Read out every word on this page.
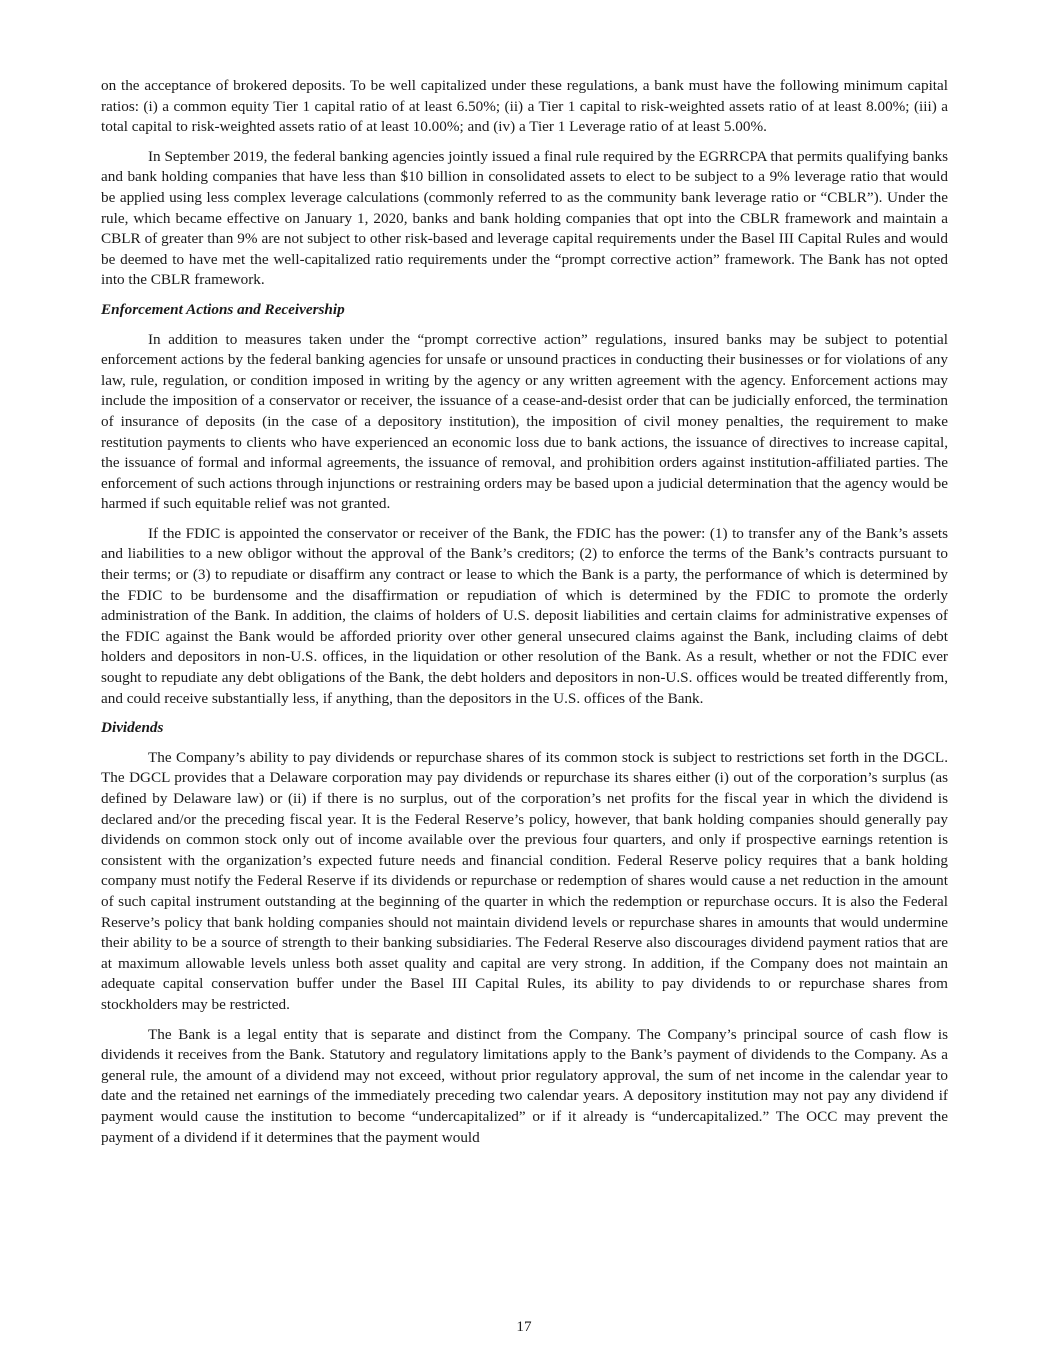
on the acceptance of brokered deposits. To be well capitalized under these regulations, a bank must have the following minimum capital ratios: (i) a common equity Tier 1 capital ratio of at least 6.50%; (ii) a Tier 1 capital to risk-weighted assets ratio of at least 8.00%; (iii) a total capital to risk-weighted assets ratio of at least 10.00%; and (iv) a Tier 1 Leverage ratio of at least 5.00%.

In September 2019, the federal banking agencies jointly issued a final rule required by the EGRRCPA that permits qualifying banks and bank holding companies that have less than $10 billion in consolidated assets to elect to be subject to a 9% leverage ratio that would be applied using less complex leverage calculations (commonly referred to as the community bank leverage ratio or “CBLR”). Under the rule, which became effective on January 1, 2020, banks and bank holding companies that opt into the CBLR framework and maintain a CBLR of greater than 9% are not subject to other risk-based and leverage capital requirements under the Basel III Capital Rules and would be deemed to have met the well-capitalized ratio requirements under the “prompt corrective action” framework. The Bank has not opted into the CBLR framework.

Enforcement Actions and Receivership

In addition to measures taken under the “prompt corrective action” regulations, insured banks may be subject to potential enforcement actions by the federal banking agencies for unsafe or unsound practices in conducting their businesses or for violations of any law, rule, regulation, or condition imposed in writing by the agency or any written agreement with the agency. Enforcement actions may include the imposition of a conservator or receiver, the issuance of a cease-and-desist order that can be judicially enforced, the termination of insurance of deposits (in the case of a depository institution), the imposition of civil money penalties, the requirement to make restitution payments to clients who have experienced an economic loss due to bank actions, the issuance of directives to increase capital, the issuance of formal and informal agreements, the issuance of removal, and prohibition orders against institution-affiliated parties. The enforcement of such actions through injunctions or restraining orders may be based upon a judicial determination that the agency would be harmed if such equitable relief was not granted.

If the FDIC is appointed the conservator or receiver of the Bank, the FDIC has the power: (1) to transfer any of the Bank’s assets and liabilities to a new obligor without the approval of the Bank’s creditors; (2) to enforce the terms of the Bank’s contracts pursuant to their terms; or (3) to repudiate or disaffirm any contract or lease to which the Bank is a party, the performance of which is determined by the FDIC to be burdensome and the disaffirmation or repudiation of which is determined by the FDIC to promote the orderly administration of the Bank. In addition, the claims of holders of U.S. deposit liabilities and certain claims for administrative expenses of the FDIC against the Bank would be afforded priority over other general unsecured claims against the Bank, including claims of debt holders and depositors in non-U.S. offices, in the liquidation or other resolution of the Bank. As a result, whether or not the FDIC ever sought to repudiate any debt obligations of the Bank, the debt holders and depositors in non-U.S. offices would be treated differently from, and could receive substantially less, if anything, than the depositors in the U.S. offices of the Bank.

Dividends

The Company’s ability to pay dividends or repurchase shares of its common stock is subject to restrictions set forth in the DGCL. The DGCL provides that a Delaware corporation may pay dividends or repurchase its shares either (i) out of the corporation’s surplus (as defined by Delaware law) or (ii) if there is no surplus, out of the corporation’s net profits for the fiscal year in which the dividend is declared and/or the preceding fiscal year. It is the Federal Reserve’s policy, however, that bank holding companies should generally pay dividends on common stock only out of income available over the previous four quarters, and only if prospective earnings retention is consistent with the organization’s expected future needs and financial condition. Federal Reserve policy requires that a bank holding company must notify the Federal Reserve if its dividends or repurchase or redemption of shares would cause a net reduction in the amount of such capital instrument outstanding at the beginning of the quarter in which the redemption or repurchase occurs. It is also the Federal Reserve’s policy that bank holding companies should not maintain dividend levels or repurchase shares in amounts that would undermine their ability to be a source of strength to their banking subsidiaries. The Federal Reserve also discourages dividend payment ratios that are at maximum allowable levels unless both asset quality and capital are very strong. In addition, if the Company does not maintain an adequate capital conservation buffer under the Basel III Capital Rules, its ability to pay dividends to or repurchase shares from stockholders may be restricted.

The Bank is a legal entity that is separate and distinct from the Company. The Company’s principal source of cash flow is dividends it receives from the Bank. Statutory and regulatory limitations apply to the Bank’s payment of dividends to the Company. As a general rule, the amount of a dividend may not exceed, without prior regulatory approval, the sum of net income in the calendar year to date and the retained net earnings of the immediately preceding two calendar years. A depository institution may not pay any dividend if payment would cause the institution to become “undercapitalized” or if it already is “undercapitalized.” The OCC may prevent the payment of a dividend if it determines that the payment would

17
